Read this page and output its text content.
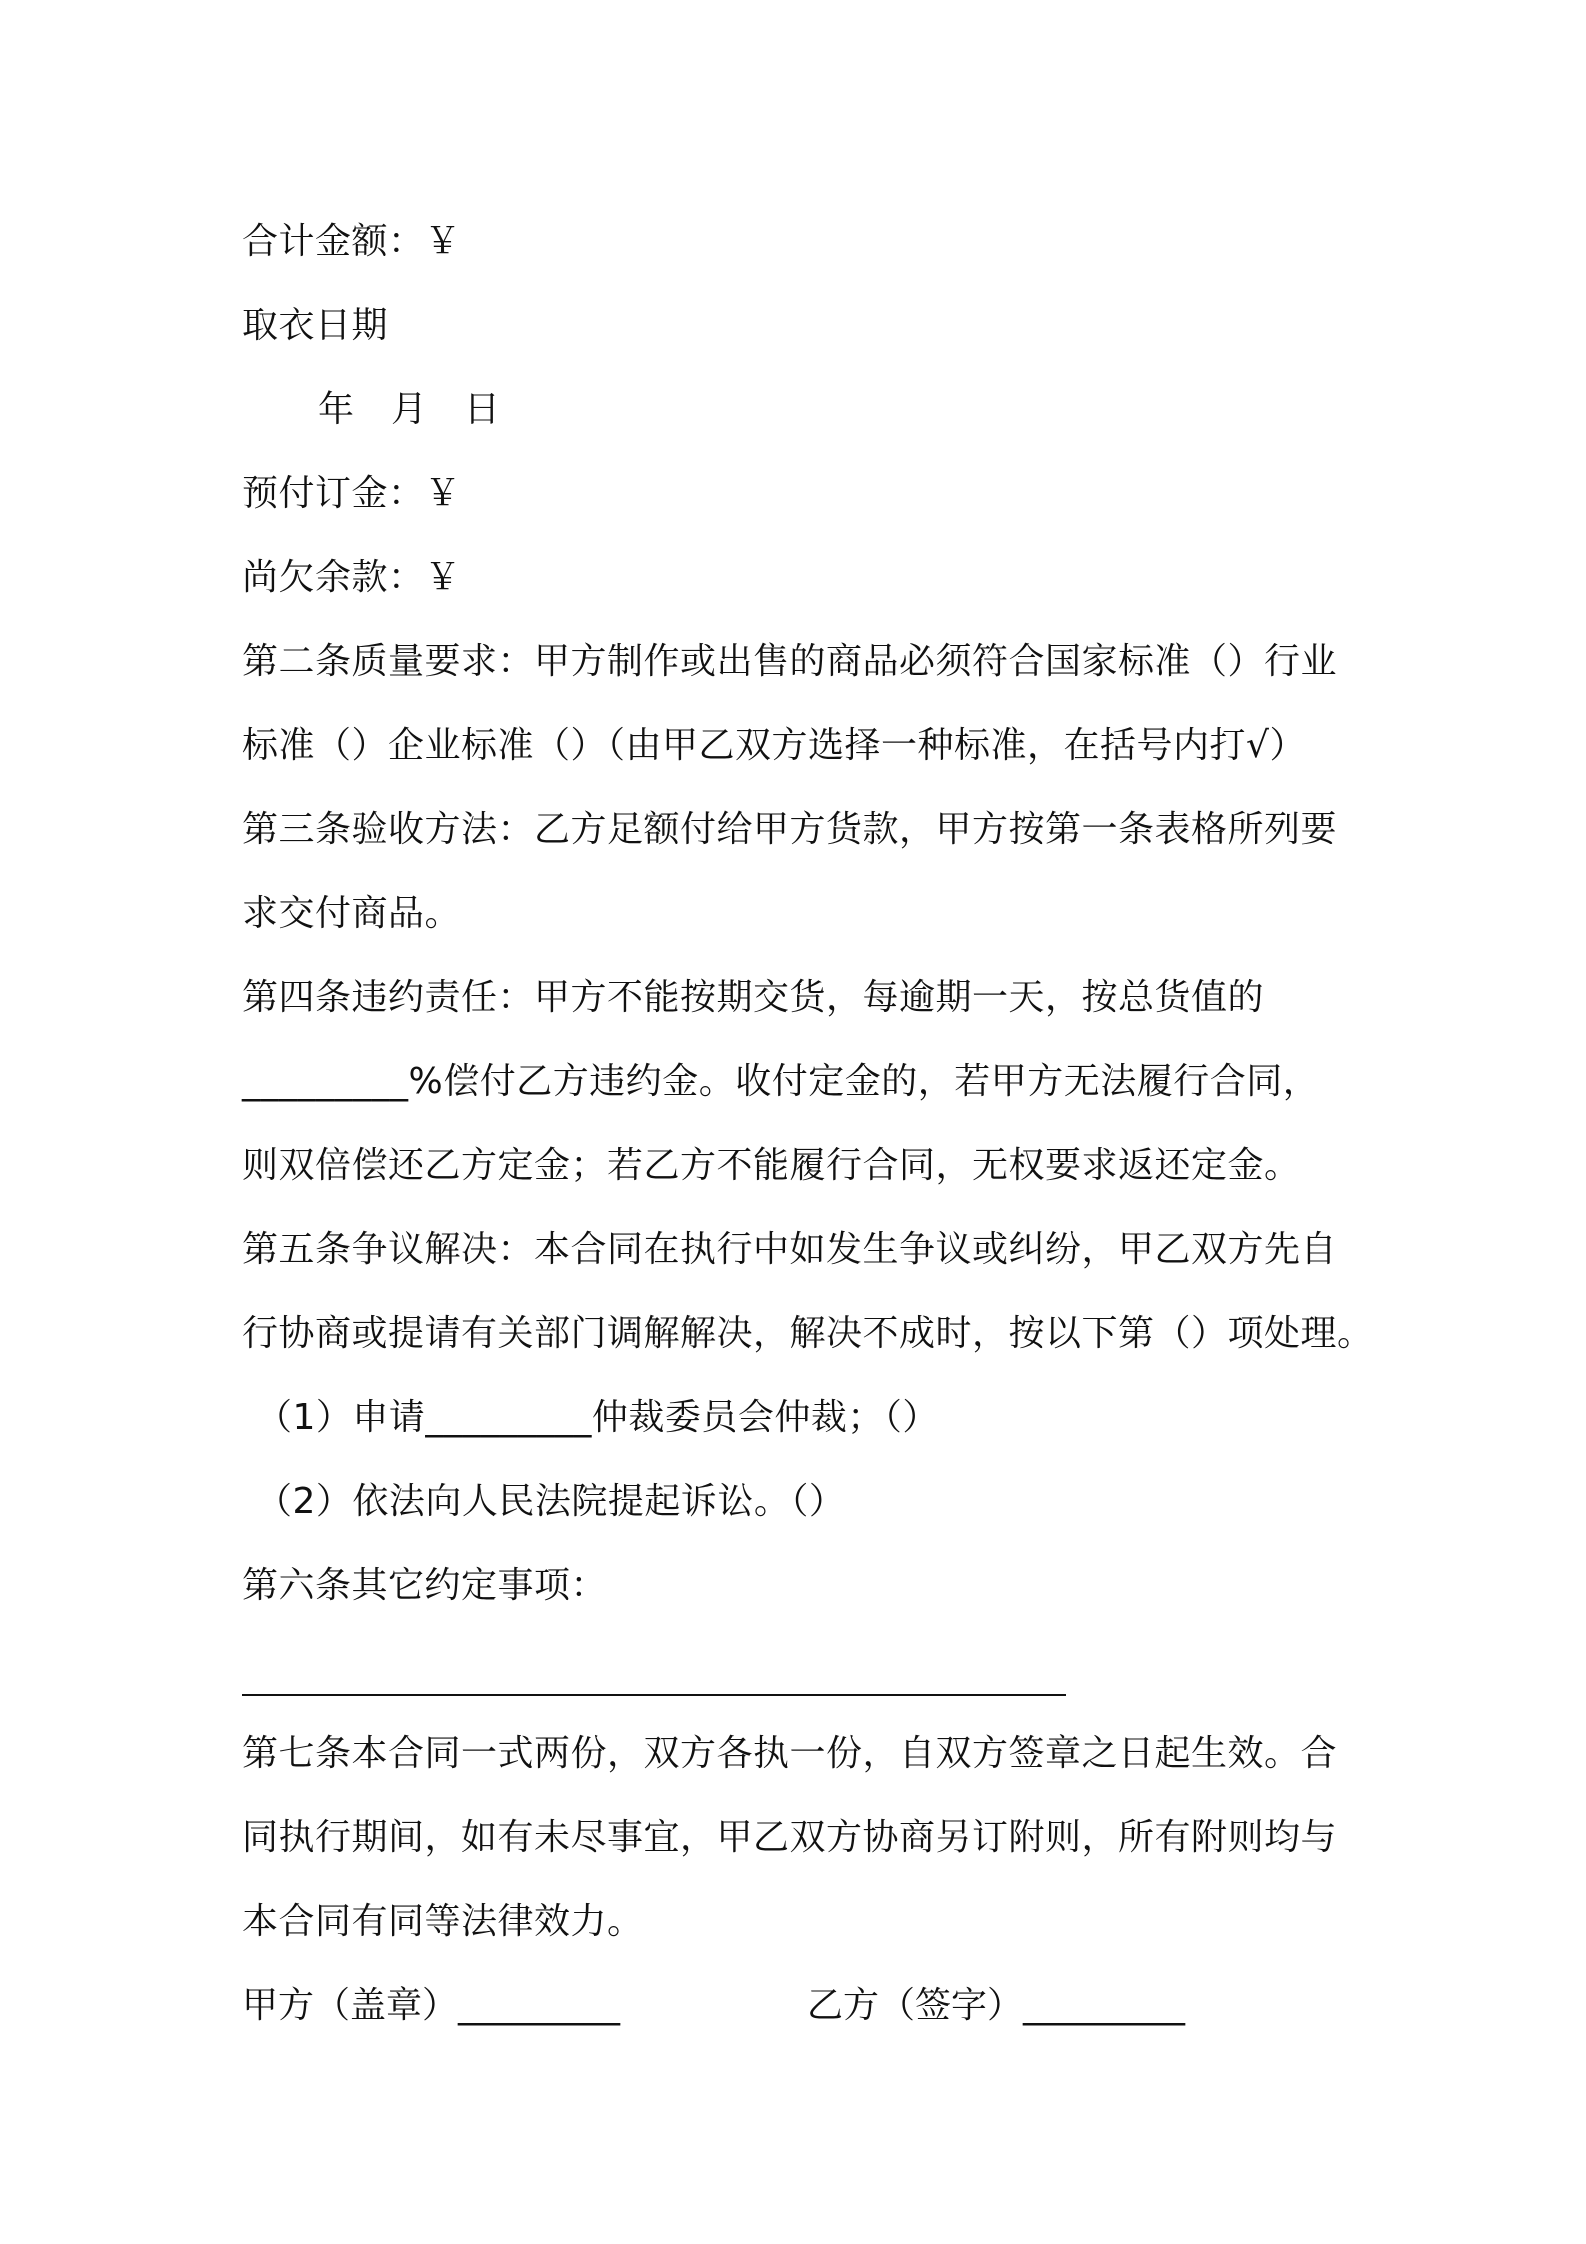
合计金额：￥
取衣日期
年　月　日
预付订金：￥
尚欠余款：￥
第二条质量要求：甲方制作或出售的商品必须符合国家标准（）行业
标准（）企业标准（）（由甲乙双方选择一种标准，在括号内打√）
第三条验收方法：乙方足额付给甲方货款，甲方按第一条表格所列要
求交付商品。
第四条违约责任：甲方不能按期交货，每逾期一天，按总货值的
_________%偿付乙方违约金。收付定金的，若甲方无法履行合同，
则双倍偿还乙方定金；若乙方不能履行合同，无权要求返还定金。
第五条争议解决：本合同在执行中如发生争议或纠纷，甲乙双方先自
行协商或提请有关部门调解解决，解决不成时，按以下第（）项处理。
（1）申请_________仲裁委员会仲裁；（）
（2）依法向人民法院提起诉讼。（）
第六条其它约定事项：
第七条本合同一式两份，双方各执一份，自双方签章之日起生效。合
同执行期间，如有未尽事宜，甲乙双方协商另订附则，所有附则均与
本合同有同等法律效力。
甲方（盖章）_________	乙方（签字）_________
